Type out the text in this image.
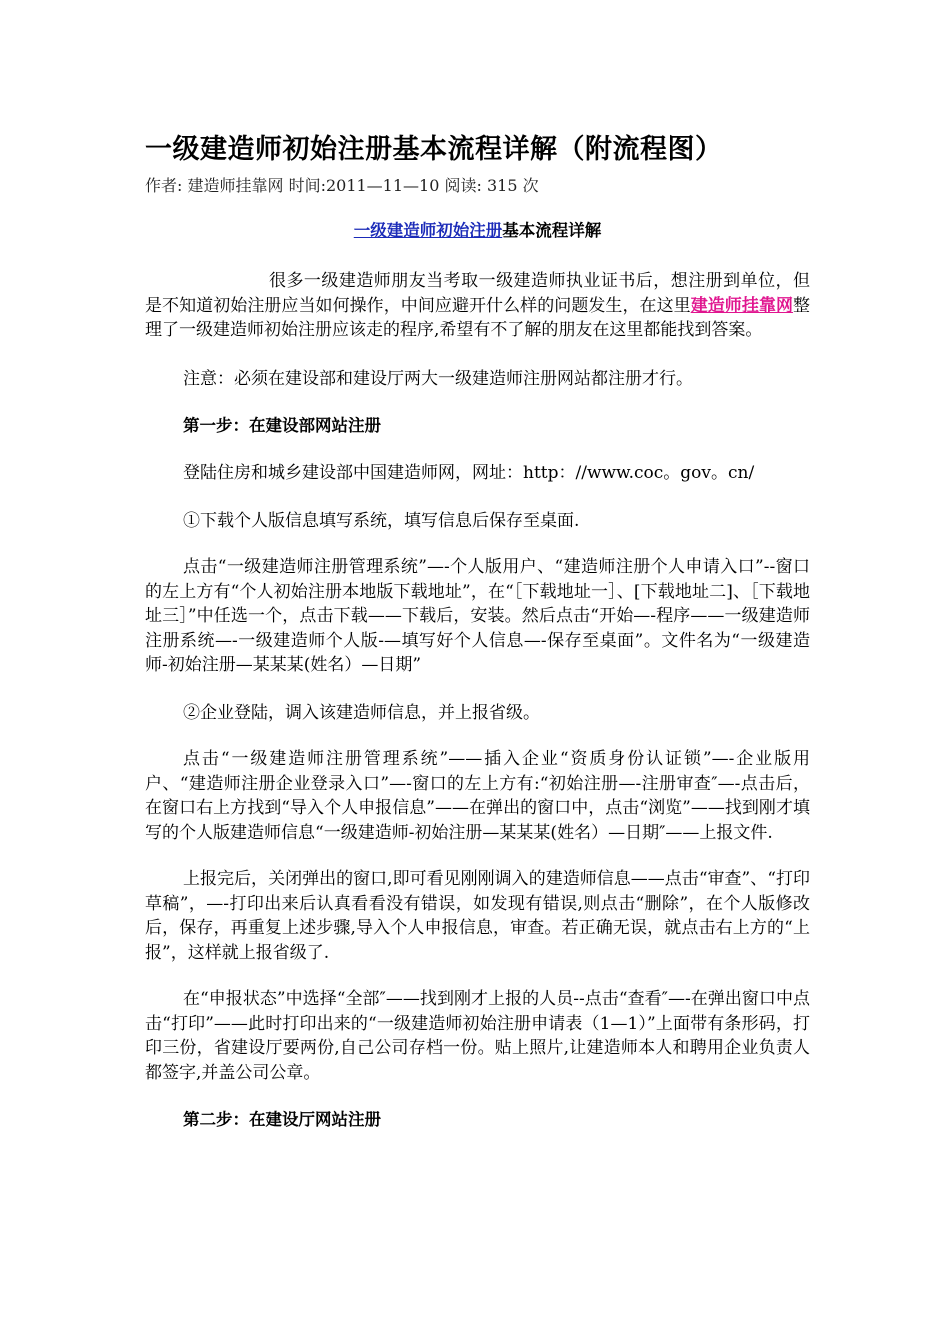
一级建造师初始注册基本流程详解（附流程图）
作者: 建造师挂靠网 时间:2011—11—10 阅读: 315 次
一级建造师初始注册基本流程详解

很多一级建造师朋友当考取一级建造师执业证书后，想注册到单位，但是不知道初始注册应当如何操作，中间应避开什么样的问题发生，在这里建造师挂靠网整理了一级建造师初始注册应该走的程序,希望有不了解的朋友在这里都能找到答案。

注意：必须在建设部和建设厅两大一级建造师注册网站都注册才行。

第一步：在建设部网站注册

登陆住房和城乡建设部中国建造师网，网址：http：//www.coc。gov。cn/

①下载个人版信息填写系统，填写信息后保存至桌面.

点击“一级建造师注册管理系统”—-个人版用户、“建造师注册个人申请入口”--窗口的左上方有“个人初始注册本地版下载地址”，在“［下载地址一］、[下载地址二]、［下载地址三］”中任选一个，点击下载——下载后，安装。然后点击“开始—-程序——一级建造师注册系统—-一级建造师个人版-—填写好个人信息—-保存至桌面”。文件名为“一级建造师-初始注册—某某某(姓名）—日期”

②企业登陆，调入该建造师信息，并上报省级。

点击“一级建造师注册管理系统”——插入企业“资质身份认证锁”—-企业版用户、“建造师注册企业登录入口”—-窗口的左上方有:“初始注册—-注册审查″—-点击后，在窗口右上方找到“导入个人申报信息”——在弹出的窗口中，点击“浏览”——找到刚才填写的个人版建造师信息“一级建造师-初始注册—某某某(姓名）—日期″——上报文件.

上报完后，关闭弹出的窗口,即可看见刚刚调入的建造师信息——点击“审查”、“打印草稿”，—-打印出来后认真看看没有错误，如发现有错误,则点击“删除”，在个人版修改后，保存，再重复上述步骤,导入个人申报信息，审查。若正确无误，就点击右上方的“上报”，这样就上报省级了.

在“申报状态”中选择“全部″——找到刚才上报的人员--点击“查看″—-在弹出窗口中点击“打印”——此时打印出来的“一级建造师初始注册申请表（1—1）”上面带有条形码，打印三份，省建设厅要两份,自己公司存档一份。贴上照片,让建造师本人和聘用企业负责人都签字,并盖公司公章。

第二步：在建设厅网站注册
